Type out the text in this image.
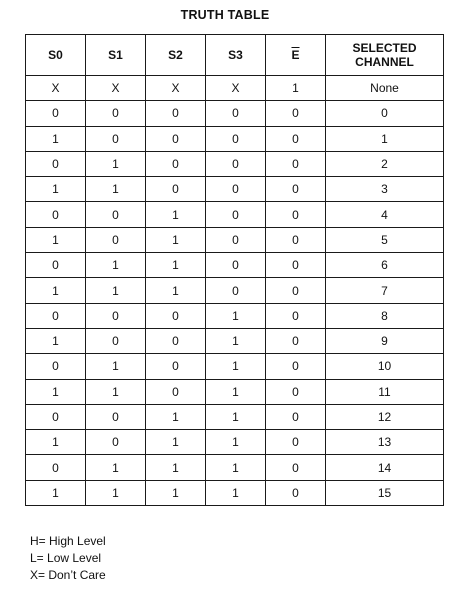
TRUTH TABLE
S0	S1	S2	S3	$\overline{E}$	SELECTED
CHANNEL
X	X	X	X	1	None
0	0	0	0	0	0
1	0	0	0	0	1
0	1	0	0	0	2
1	1	0	0	0	3
0	0	1	0	0	4
1	0	1	0	0	5
0	1	1	0	0	6
1	1	1	0	0	7
0	0	0	1	0	8
1	0	0	1	0	9
0	1	0	1	0	10
1	1	0	1	0	11
0	0	1	1	0	12
1	0	1	1	0	13
0	1	1	1	0	14
1	1	1	1	0	15
H= High Level
L= Low Level
X= Don’t Care
